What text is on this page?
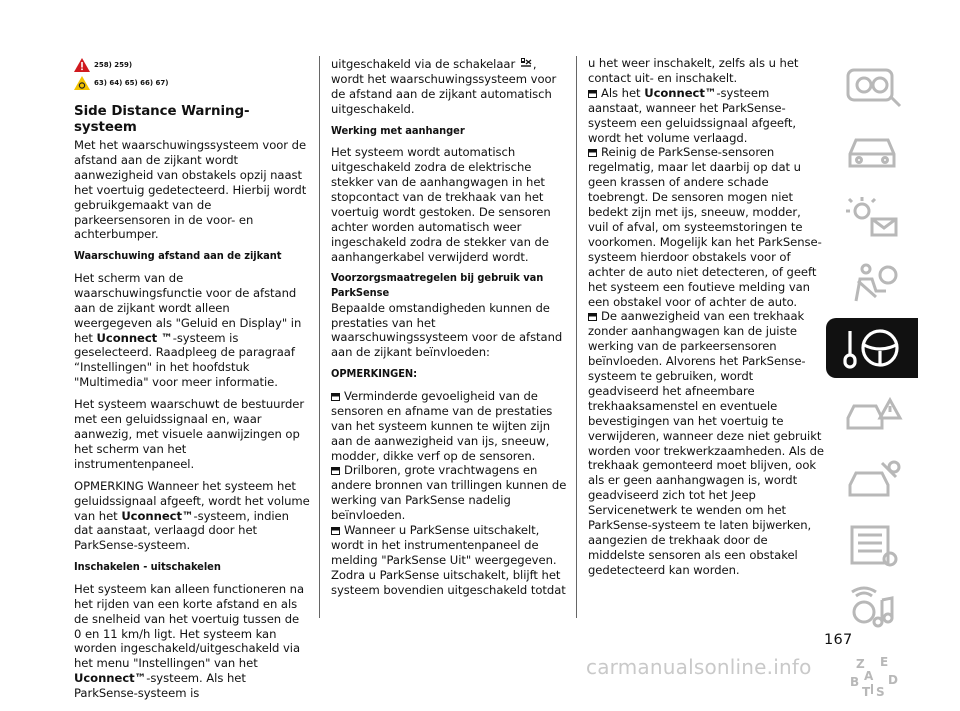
258) 259)
63) 64) 65) 66) 67)
Side Distance Warning-systeem

Met het waarschuwingssysteem voor de afstand aan de zijkant wordt aanwezigheid van obstakels opzij naast het voertuig gedetecteerd. Hierbij wordt gebruikgemaakt van de parkeersensoren in de voor- en achterbumper.

Waarschuwing afstand aan de zijkant

Het scherm van de waarschuwingsfunctie voor de afstand aan de zijkant wordt alleen weergegeven als "Geluid en Display" in het Uconnect ™-systeem is geselecteerd. Raadpleeg de paragraaf “Instellingen" in het hoofdstuk "Multimedia" voor meer informatie.

Het systeem waarschuwt de bestuurder met een geluidssignaal en, waar aanwezig, met visuele aanwijzingen op het scherm van het instrumentenpaneel.

OPMERKING Wanneer het systeem het geluidssignaal afgeeft, wordt het volume van het Uconnect™-systeem, indien dat aanstaat, verlaagd door het ParkSense-systeem.

Inschakelen - uitschakelen

Het systeem kan alleen functioneren na het rijden van een korte afstand en als de snelheid van het voertuig tussen de 0 en 11 km/h ligt. Het systeem kan worden ingeschakeld/uitgeschakeld via het menu "Instellingen" van het Uconnect™-systeem. Als het ParkSense-systeem is

uitgeschakeld via de schakelaar , wordt het waarschuwingssysteem voor de afstand aan de zijkant automatisch uitgeschakeld.

Werking met aanhanger

Het systeem wordt automatisch uitgeschakeld zodra de elektrische stekker van de aanhangwagen in het stopcontact van de trekhaak van het voertuig wordt gestoken. De sensoren achter worden automatisch weer ingeschakeld zodra de stekker van de aanhangerkabel verwijderd wordt.

Voorzorgsmaatregelen bij gebruik van ParkSense

Bepaalde omstandigheden kunnen de prestaties van het waarschuwingssysteem voor de afstand aan de zijkant beïnvloeden:

OPMERKINGEN:

Verminderde gevoeligheid van de sensoren en afname van de prestaties van het systeem kunnen te wijten zijn aan de aanwezigheid van ijs, sneeuw, modder, dikke verf op de sensoren.

Drilboren, grote vrachtwagens en andere bronnen van trillingen kunnen de werking van ParkSense nadelig beïnvloeden.

Wanneer u ParkSense uitschakelt, wordt in het instrumentenpaneel de melding "ParkSense Uit" weergegeven. Zodra u ParkSense uitschakelt, blijft het systeem bovendien uitgeschakeld totdat

u het weer inschakelt, zelfs als u het contact uit- en inschakelt.

Als het Uconnect™-systeem aanstaat, wanneer het ParkSense-systeem een geluidssignaal afgeeft, wordt het volume verlaagd.

Reinig de ParkSense-sensoren regelmatig, maar let daarbij op dat u geen krassen of andere schade toebrengt. De sensoren mogen niet bedekt zijn met ijs, sneeuw, modder, vuil of afval, om systeemstoringen te voorkomen. Mogelijk kan het ParkSense-systeem hierdoor obstakels voor of achter de auto niet detecteren, of geeft het systeem een foutieve melding van een obstakel voor of achter de auto.

De aanwezigheid van een trekhaak zonder aanhangwagen kan de juiste werking van de parkeersensoren beïnvloeden. Alvorens het ParkSense-systeem te gebruiken, wordt geadviseerd het afneembare trekhaaksamenstel en eventuele bevestigingen van het voertuig te verwijderen, wanneer deze niet gebruikt worden voor trekwerkzaamheden. Als de trekhaak gemonteerd moet blijven, ook als er geen aanhangwagen is, wordt geadviseerd zich tot het Jeep Servicenetwerk te wenden om het ParkSense-systeem te laten bijwerken, aangezien de trekhaak door de middelste sensoren als een obstakel gedetecteerd kan worden.

Z E
A
B
T S
D
167
carmanualsonline.info
